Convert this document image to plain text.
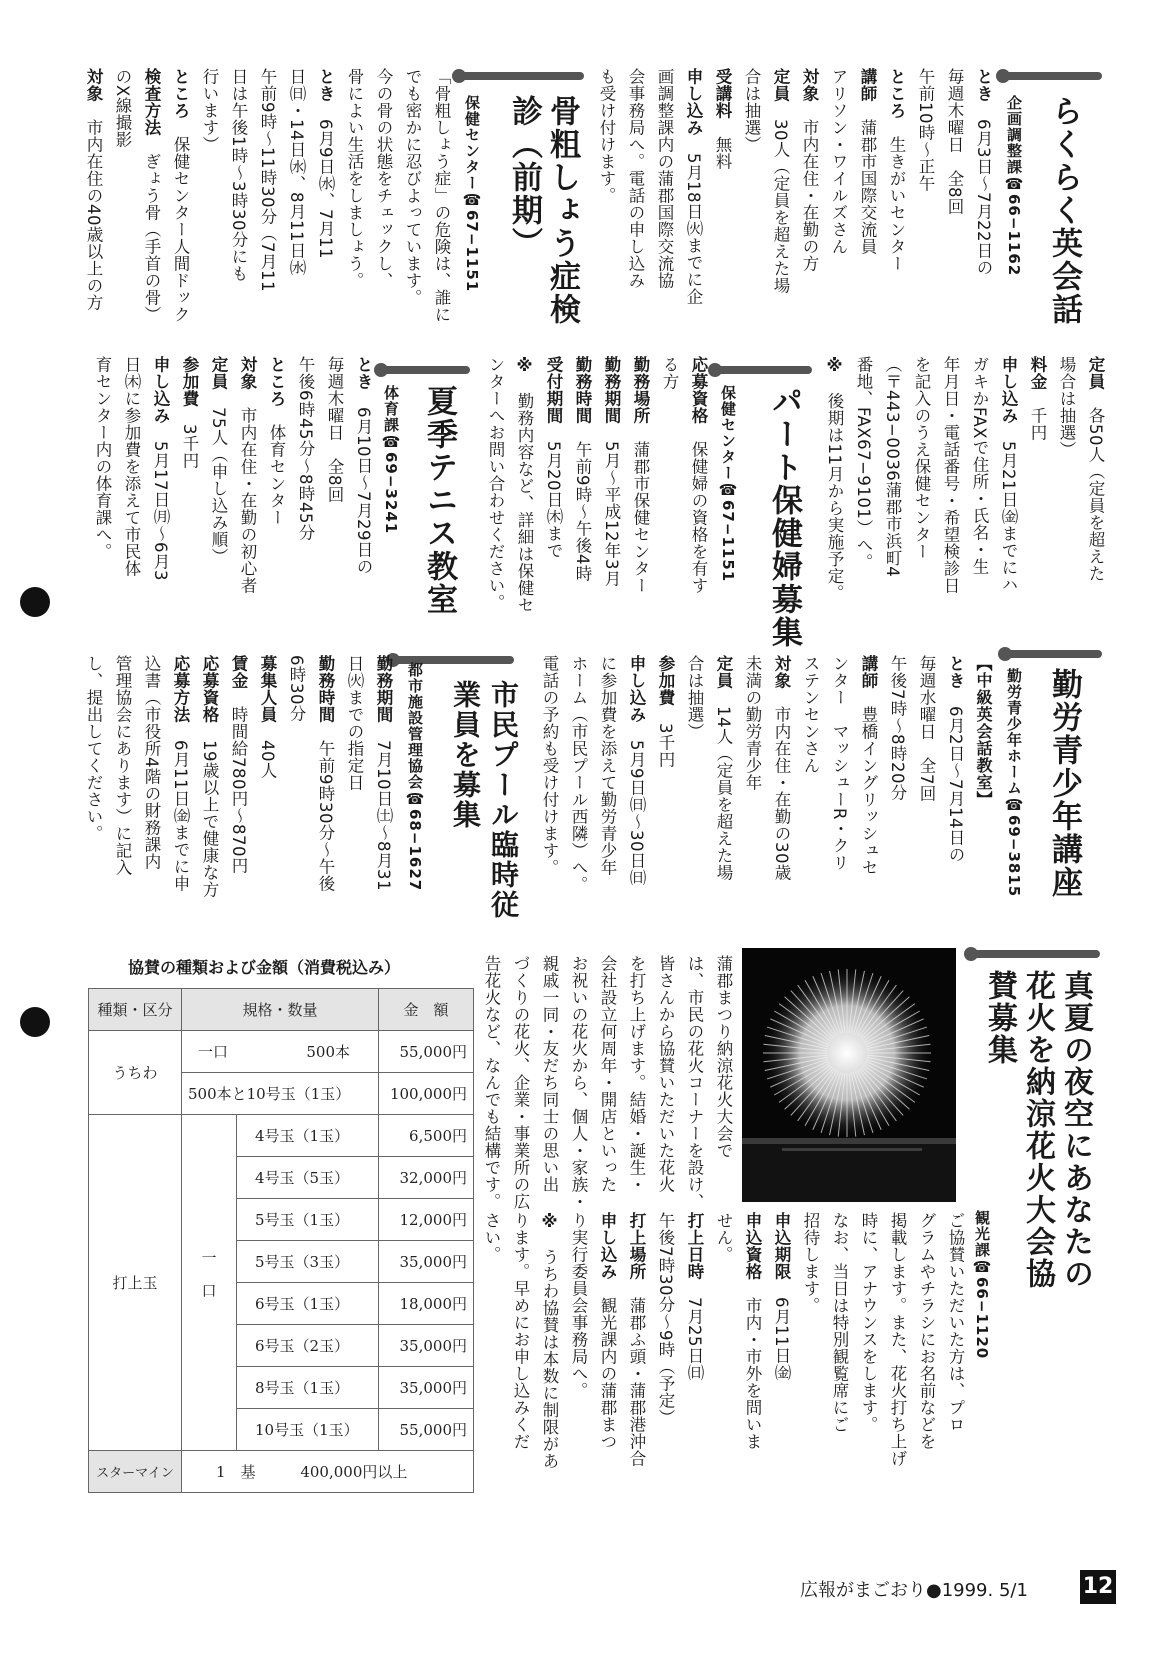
らくらく英会話
企画調整課☎66−1162
とき　6月3日〜7月22日の
毎週木曜日　全8回
午前10時〜正午
ところ　生きがいセンター
講師　蒲郡市国際交流員
アリソン・ワイルズさん
対象　市内在住・在勤の方
定員　30人（定員を超えた場
合は抽選）
受講料　無料
申し込み　5月18日㈫までに企
画調整課内の蒲郡国際交流協
会事務局へ。電話の申し込み
も受け付けます。
骨粗しょう症検診（前期）
保健センター☎67−1151
「骨粗しょう症」の危険は、誰に
でも密かに忍びよっています。
今の骨の状態をチェックし、
骨によい生活をしましょう。
とき　6月9日㈬、7月11
日㈰・14日㈬、8月11日㈬
午前9時〜11時30分（7月11
日は午後1時〜3時30分にも
行います）
ところ　保健センター人間ドック
検査方法　ぎょう骨（手首の骨）
のX線撮影
対象　市内在住の40歳以上の方
定員　各50人（定員を超えた
場合は抽選）
料金　千円
申し込み　5月21日㈮までにハ
ガキかFAXで住所・氏名・生
年月日・電話番号・希望検診日
を記入のうえ保健センター
（〒443−0036蒲郡市浜町4
番地、FAX67−9101）へ。
※　後期は11月から実施予定。
パート保健婦募集
保健センター☎67−1151
応募資格　保健婦の資格を有す
る方
勤務場所　蒲郡市保健センター
勤務期間　5月〜平成12年3月
勤務時間　午前9時〜午後4時
受付期間　5月20日㈭まで
※　勤務内容など、詳細は保健セ
ンターへお問い合わせください。
夏季テニス教室
体育課☎69−3241
とき　6月10日〜7月29日の
毎週木曜日　全8回
午後6時45分〜8時45分
ところ　体育センター
対象　市内在住・在勤の初心者
定員　75人（申し込み順）
参加費　3千円
申し込み　5月17日㈪〜6月3
日㈭に参加費を添えて市民体
育センター内の体育課へ。
勤労青少年講座
勤労青少年ホーム☎69−3815
【中級英会話教室】
とき　6月2日〜7月14日の
毎週水曜日　全7回
午後7時〜8時20分
講師　豊橋イングリッシュセ
ンター　マッシューR・クリ
ステンセンさん
対象　市内在住・在勤の30歳
未満の勤労青少年
定員　14人（定員を超えた場
合は抽選）
参加費　3千円
申し込み　5月9日㈰〜30日㈰
に参加費を添えて勤労青少年
ホーム（市民プール西隣）へ。
電話の予約も受け付けます。
市民プール臨時従業員を募集
都市施設管理協会☎68−1627
勤務期間　7月10日㈯〜8月31
日㈫までの指定日
勤務時間　午前9時30分〜午後
6時30分
募集人員　40人
賃金　時間給780円〜870円
応募資格　19歳以上で健康な方
応募方法　6月11日㈮までに申
込書（市役所4階の財務課内
管理協会にあります）に記入
し、提出してください。
真夏の夜空にあなたの花火を納涼花火大会協賛募集
観光課☎66−1120
蒲郡まつり納涼花火大会で
は、市民の花火コーナーを設け、
皆さんから協賛いただいた花火
を打ち上げます。結婚・誕生・
会社設立何周年・開店といった
お祝いの花火から、個人・家族・
親戚一同・友だち同士の思い出
づくりの花火、企業・事業所の広
告花火など、なんでも結構です。
ご協賛いただいた方は、プロ
グラムやチラシにお名前などを
掲載します。また、花火打ち上げ
時に、アナウンスをします。
なお、当日は特別観覧席にご
招待します。
申込期限　6月11日㈮
申込資格　市内・市外を問いま
せん。
打上日時　7月25日㈰
午後7時30分〜9時（予定）
打上場所　蒲郡ふ頭・蒲郡港沖合
申し込み　観光課内の蒲郡まつ
り実行委員会事務局へ。
※　うちわ協賛は本数に制限があ
ります。早めにお申し込みくだ
さい。
協賛の種類および金額（消費税込み）
種類・区分	規格・数量		金　額
うちわ	一口 500本		55,000円
	500本と10号玉（1玉）		100,000円
打上玉	一口	4号玉（1玉）	6,500円
		4号玉（5玉）	32,000円
		5号玉（1玉）	12,000円
		5号玉（3玉）	35,000円
		6号玉（1玉）	18,000円
		6号玉（2玉）	35,000円
		8号玉（1玉）	35,000円
		10号玉（1玉）	55,000円
スターマイン	1　基 400,000円以上		
広報がまごおり●1999. 5/1 12
